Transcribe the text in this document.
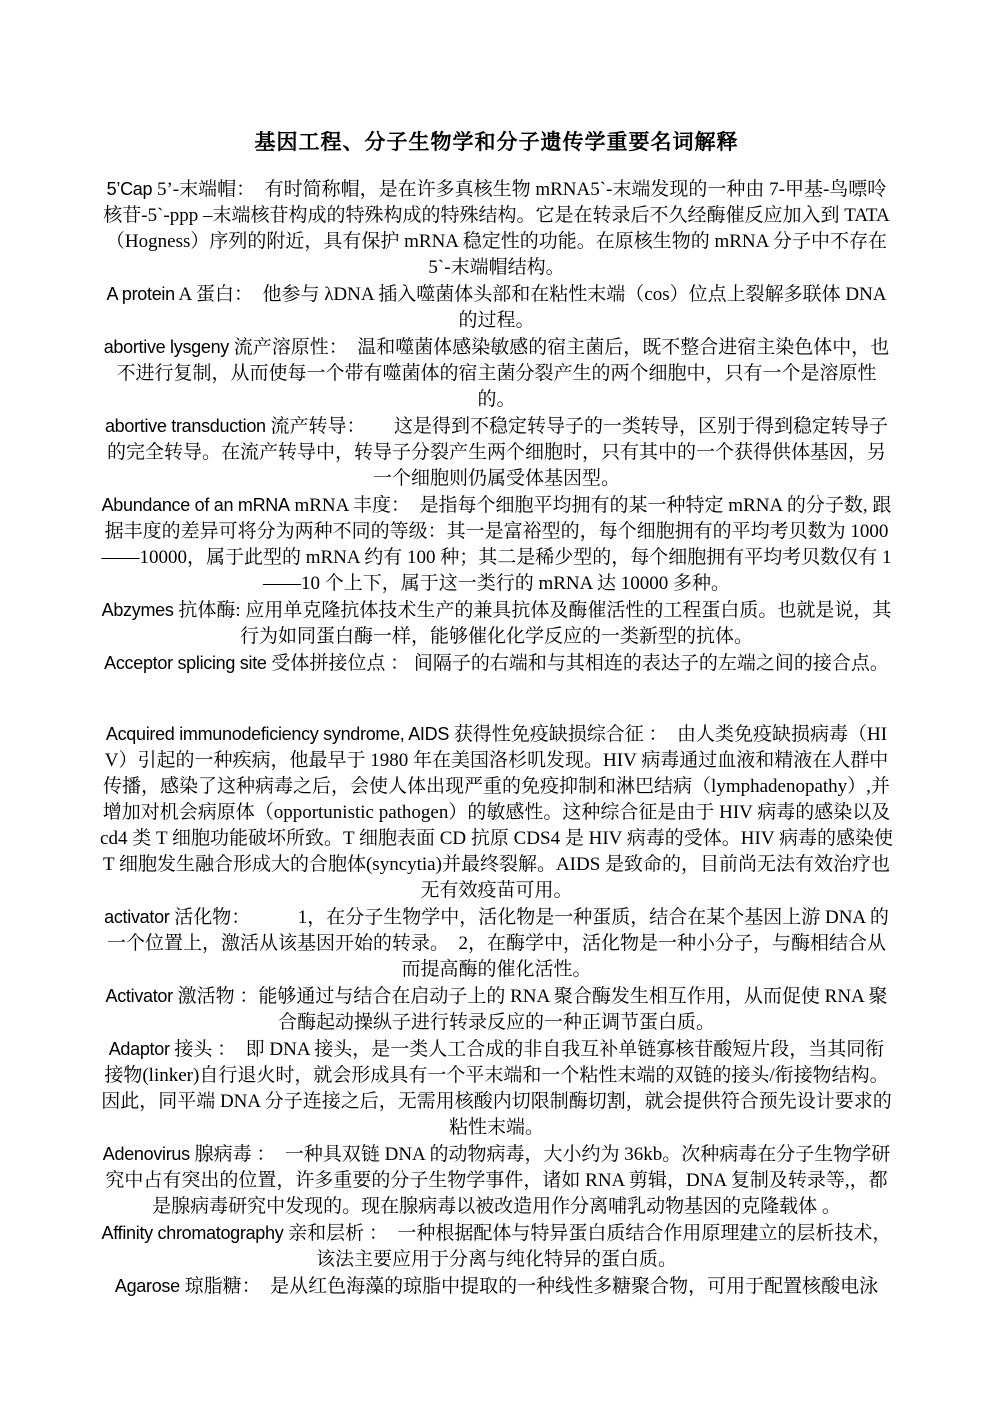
基因工程、分子生物学和分子遗传学重要名词解释

5’Cap 5’-末端帽：　有时简称帽，是在许多真核生物 mRNA5`-末端发现的一种由 7-甲基-鸟嘌呤核苷-5`-ppp –末端核苷构成的特殊构成的特殊结构。它是在转录后不久经酶催反应加入到 TATA（Hogness）序列的附近，具有保护 mRNA 稳定性的功能。在原核生物的 mRNA 分子中不存在 5`-末端帽结构。

A protein A 蛋白：　他参与 λDNA 插入噬菌体头部和在粘性末端（cos）位点上裂解多联体 DNA 的过程。

abortive lysgeny 流产溶原性：　温和噬菌体感染敏感的宿主菌后，既不整合进宿主染色体中，也不进行复制，从而使每一个带有噬菌体的宿主菌分裂产生的两个细胞中，只有一个是溶原性的。

abortive transduction 流产转导：　　这是得到不稳定转导子的一类转导，区别于得到稳定转导子的完全转导。在流产转导中，转导子分裂产生两个细胞时，只有其中的一个获得供体基因，另一个细胞则仍属受体基因型。

Abundance of an mRNA mRNA 丰度：　是指每个细胞平均拥有的某一种特定 mRNA 的分子数, 跟据丰度的差异可将分为两种不同的等级：其一是富裕型的，每个细胞拥有的平均考贝数为 1000——10000，属于此型的 mRNA 约有 100 种；其二是稀少型的，每个细胞拥有平均考贝数仅有 1——10 个上下，属于这一类行的 mRNA 达 10000 多种。

Abzymes 抗体酶: 应用单克隆抗体技术生产的兼具抗体及酶催活性的工程蛋白质。也就是说，其行为如同蛋白酶一样，能够催化化学反应的一类新型的抗体。

Acceptor splicing site 受体拼接位点 ： 间隔子的右端和与其相连的表达子的左端之间的接合点。

Acquired immunodeficiency syndrome, AIDS 获得性免疫缺损综合征 ：　由人类免疫缺损病毒（HIV）引起的一种疾病，他最早于 1980 年在美国洛杉叽发现。HIV 病毒通过血液和精液在人群中传播，感染了这种病毒之后，会使人体出现严重的免疫抑制和淋巴结病（lymphadenopathy）,并增加对机会病原体（opportunistic pathogen）的敏感性。这种综合征是由于 HIV 病毒的感染以及 cd4 类 T 细胞功能破坏所致。T 细胞表面 CD 抗原 CDS4 是 HIV 病毒的受体。HIV 病毒的感染使 T 细胞发生融合形成大的合胞体(syncytia)并最终裂解。AIDS 是致命的，目前尚无法有效治疗也无有效疫苗可用。

activator 活化物：　　　1，在分子生物学中，活化物是一种蛋质，结合在某个基因上游 DNA 的一个位置上，激活从该基因开始的转录。　2，在酶学中，活化物是一种小分子，与酶相结合从而提高酶的催化活性。

Activator 激活物 ：能够通过与结合在启动子上的 RNA 聚合酶发生相互作用，从而促使 RNA 聚合酶起动操纵子进行转录反应的一种正调节蛋白质。

Adaptor 接头 ：　即 DNA 接头，是一类人工合成的非自我互补单链寡核苷酸短片段，当其同衔接物(linker)自行退火时，就会形成具有一个平末端和一个粘性末端的双链的接头/衔接物结构。因此，同平端 DNA 分子连接之后，无需用核酸内切限制酶切割，就会提供符合预先设计要求的粘性末端。

Adenovirus 腺病毒 ：　一种具双链 DNA 的动物病毒，大小约为 36kb。次种病毒在分子生物学研究中占有突出的位置，许多重要的分子生物学事件，诸如 RNA 剪辑，DNA 复制及转录等,，都是腺病毒研究中发现的。现在腺病毒以被改造用作分离哺乳动物基因的克隆载体 。

Affinity chromatography 亲和层析 ：　一种根据配体与特异蛋白质结合作用原理建立的层析技术，该法主要应用于分离与纯化特异的蛋白质。

Agarose 琼脂糖：　是从红色海藻的琼脂中提取的一种线性多糖聚合物，可用于配置核酸电泳
